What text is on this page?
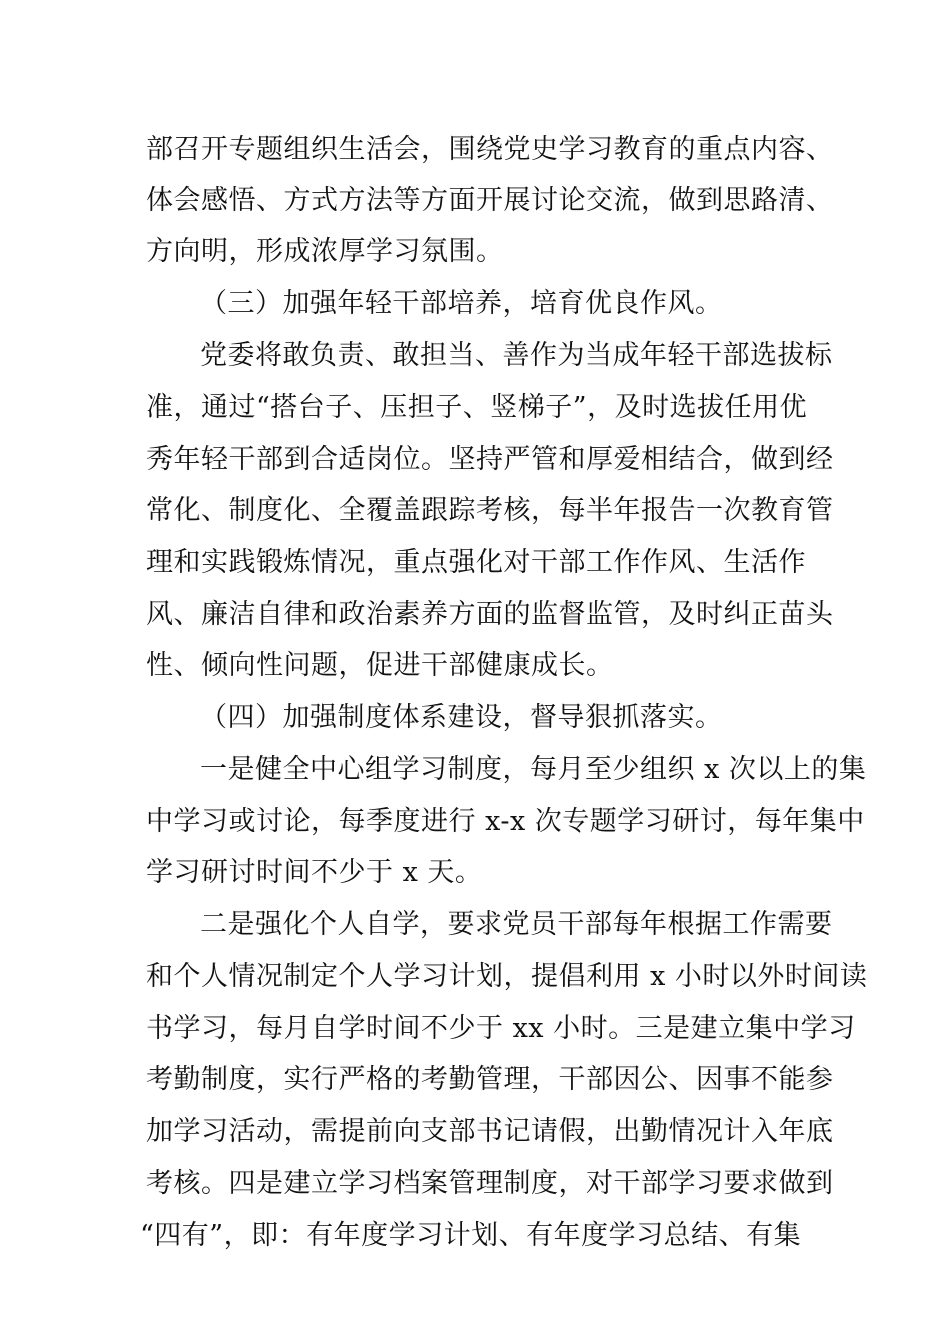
部召开专题组织生活会，围绕党史学习教育的重点内容、
体会感悟、方式方法等方面开展讨论交流，做到思路清、
方向明，形成浓厚学习氛围。
（三）加强年轻干部培养，培育优良作风。
党委将敢负责、敢担当、善作为当成年轻干部选拔标
准，通过“搭台子、压担子、竖梯子”，及时选拔任用优
秀年轻干部到合适岗位。坚持严管和厚爱相结合，做到经
常化、制度化、全覆盖跟踪考核，每半年报告一次教育管
理和实践锻炼情况，重点强化对干部工作作风、生活作
风、廉洁自律和政治素养方面的监督监管，及时纠正苗头
性、倾向性问题，促进干部健康成长。
（四）加强制度体系建设，督导狠抓落实。
一是健全中心组学习制度，每月至少组织 x 次以上的集
中学习或讨论，每季度进行 x-x 次专题学习研讨，每年集中
学习研讨时间不少于 x 天。
二是强化个人自学，要求党员干部每年根据工作需要
和个人情况制定个人学习计划，提倡利用 x 小时以外时间读
书学习，每月自学时间不少于 xx 小时。三是建立集中学习
考勤制度，实行严格的考勤管理，干部因公、因事不能参
加学习活动，需提前向支部书记请假，出勤情况计入年底
考核。四是建立学习档案管理制度，对干部学习要求做到
“四有”，即：有年度学习计划、有年度学习总结、有集
